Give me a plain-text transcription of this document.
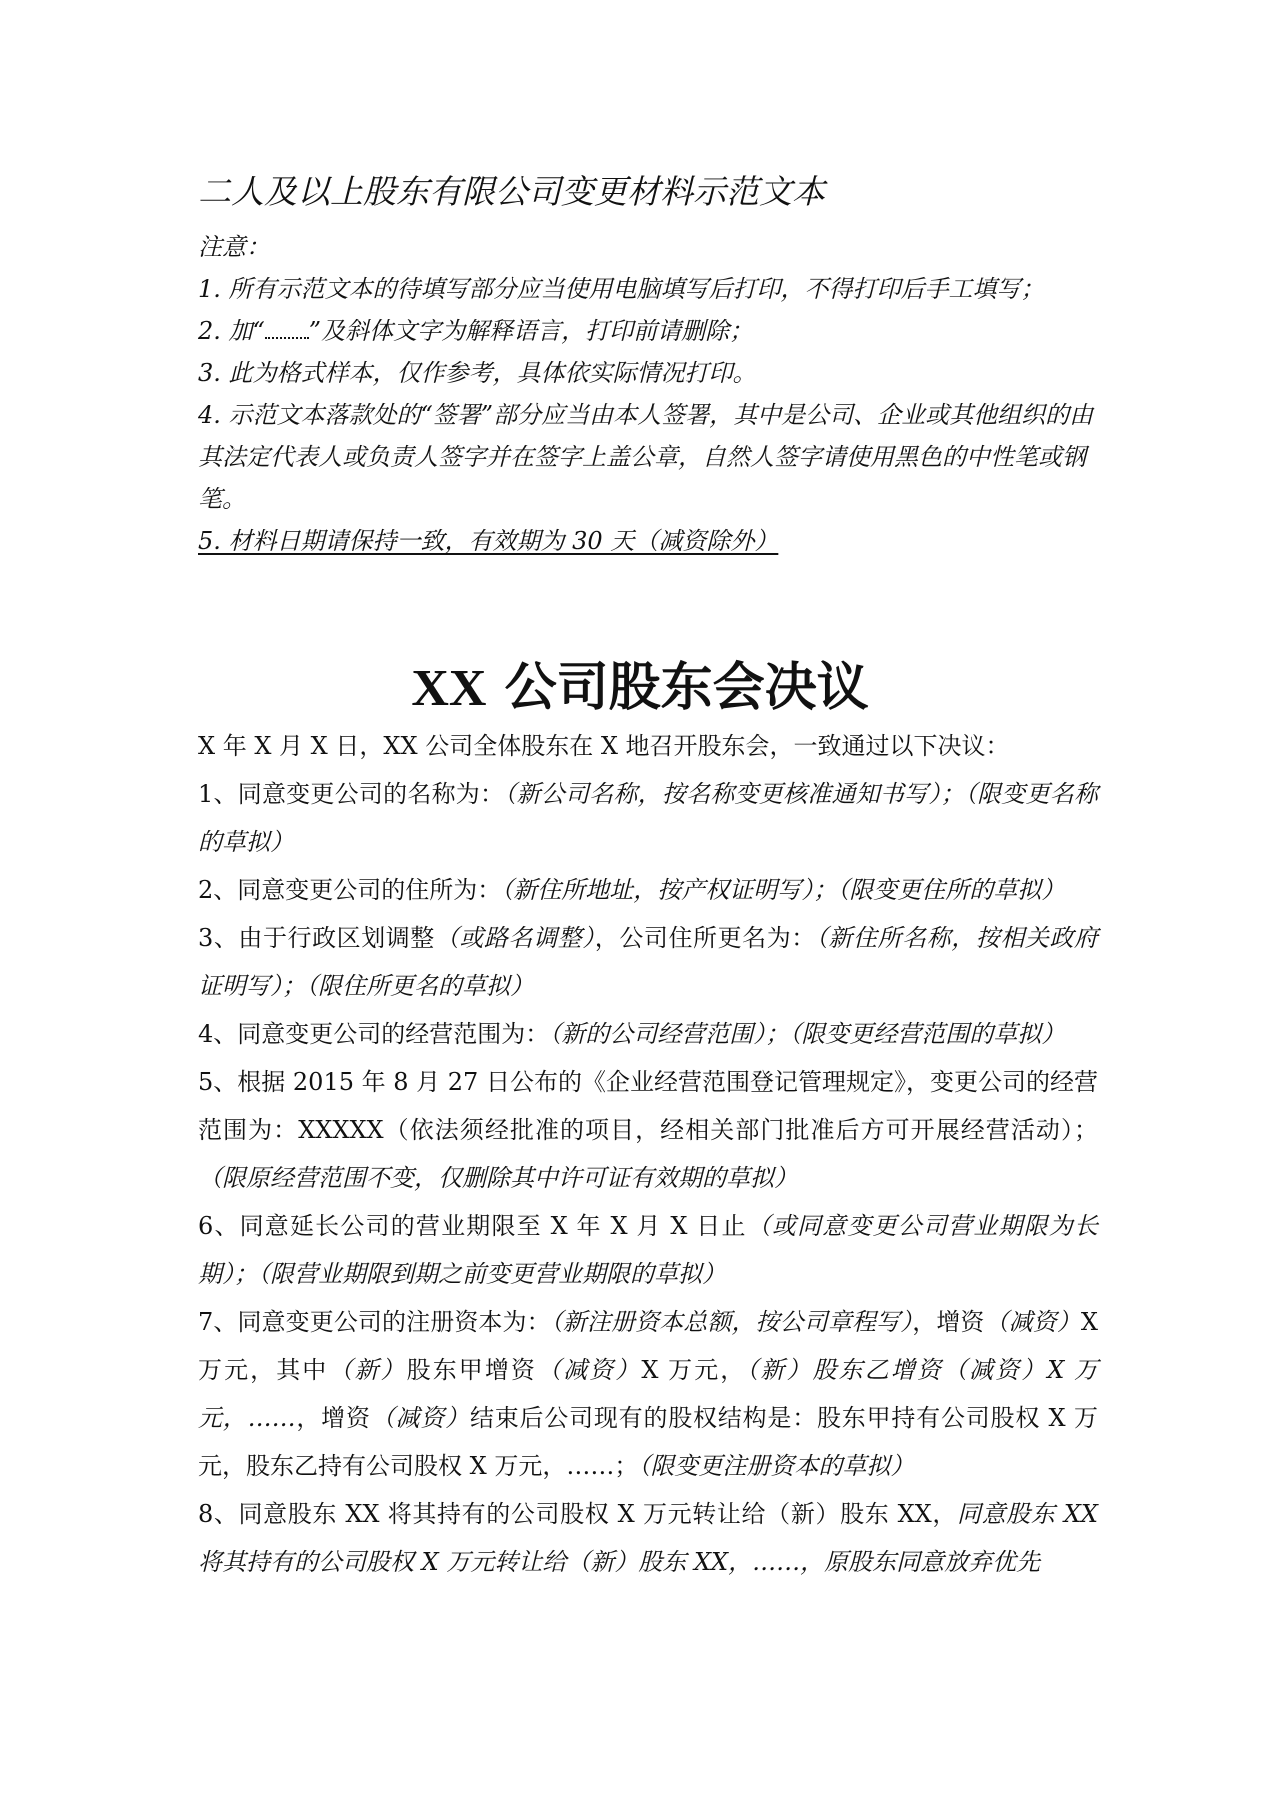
二人及以上股东有限公司变更材料示范文本

注意：

1. 所有示范文本的待填写部分应当使用电脑填写后打印，不得打印后手工填写；

2. 加“ ”及斜体文字为解释语言，打印前请删除；

3. 此为格式样本，仅作参考，具体依实际情况打印。

4. 示范文本落款处的“签署”部分应当由本人签署，其中是公司、企业或其他组织的由其法定代表人或负责人签字并在签字上盖公章，自然人签字请使用黑色的中性笔或钢笔。

5. 材料日期请保持一致，有效期为 30 天（减资除外）

XX 公司股东会决议

X 年 X 月 X 日，XX 公司全体股东在 X 地召开股东会，一致通过以下决议：

1、同意变更公司的名称为：（新公司名称，按名称变更核准通知书写）；（限变更名称的草拟）

2、同意变更公司的住所为：（新住所地址，按产权证明写）；（限变更住所的草拟）

3、由于行政区划调整（或路名调整），公司住所更名为：（新住所名称，按相关政府证明写）；（限住所更名的草拟）

4、同意变更公司的经营范围为：（新的公司经营范围）；（限变更经营范围的草拟）

5、根据 2015 年 8 月 27 日公布的《企业经营范围登记管理规定》，变更公司的经营范围为：XXXXX（依法须经批准的项目，经相关部门批准后方可开展经营活动）；（限原经营范围不变，仅删除其中许可证有效期的草拟）

6、同意延长公司的营业期限至 X 年 X 月 X 日止（或同意变更公司营业期限为长期）；（限营业期限到期之前变更营业期限的草拟）

7、同意变更公司的注册资本为：（新注册资本总额，按公司章程写），增资（减资）X 万元，其中（新）股东甲增资（减资）X 万元，（新）股东乙增资（减资）X 万元，……，增资（减资）结束后公司现有的股权结构是：股东甲持有公司股权 X 万元，股东乙持有公司股权 X 万元，……；（限变更注册资本的草拟）

8、同意股东 XX 将其持有的公司股权 X 万元转让给（新）股东 XX，同意股东 XX 将其持有的公司股权 X 万元转让给（新）股东 XX，……，原股东同意放弃优先
